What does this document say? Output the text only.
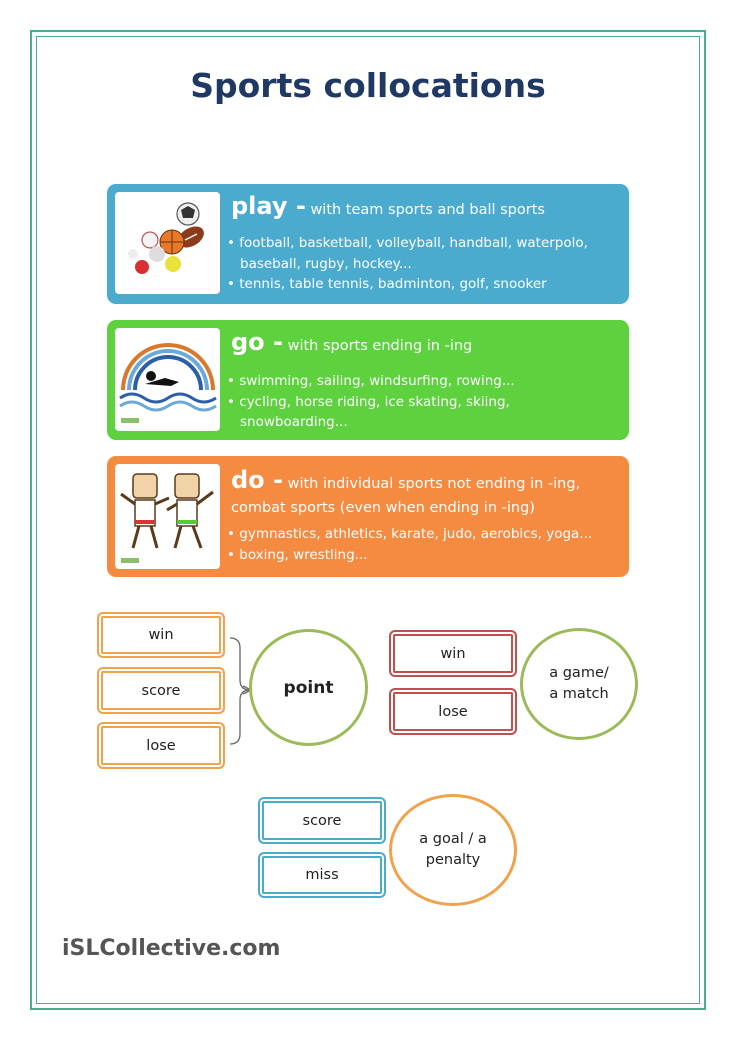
Sports collocations
play - with team sports and ball sports
• football, basketball, volleyball, handball, waterpolo, baseball, rugby, hockey...
• tennis, table tennis, badminton, golf, snooker
go - with sports ending in -ing
• swimming, sailing, windsurfing, rowing...
• cycling, horse riding, ice skating, skiing, snowboarding...
do - with individual sports not ending in -ing,
combat sports (even when ending in -ing)
• gymnastics, athletics, karate, judo, aerobics, yoga...
• boxing, wrestling...
win
score
lose
point
win
lose
a game/ a match
score
miss
a goal / a penalty
iSLCollective.com
